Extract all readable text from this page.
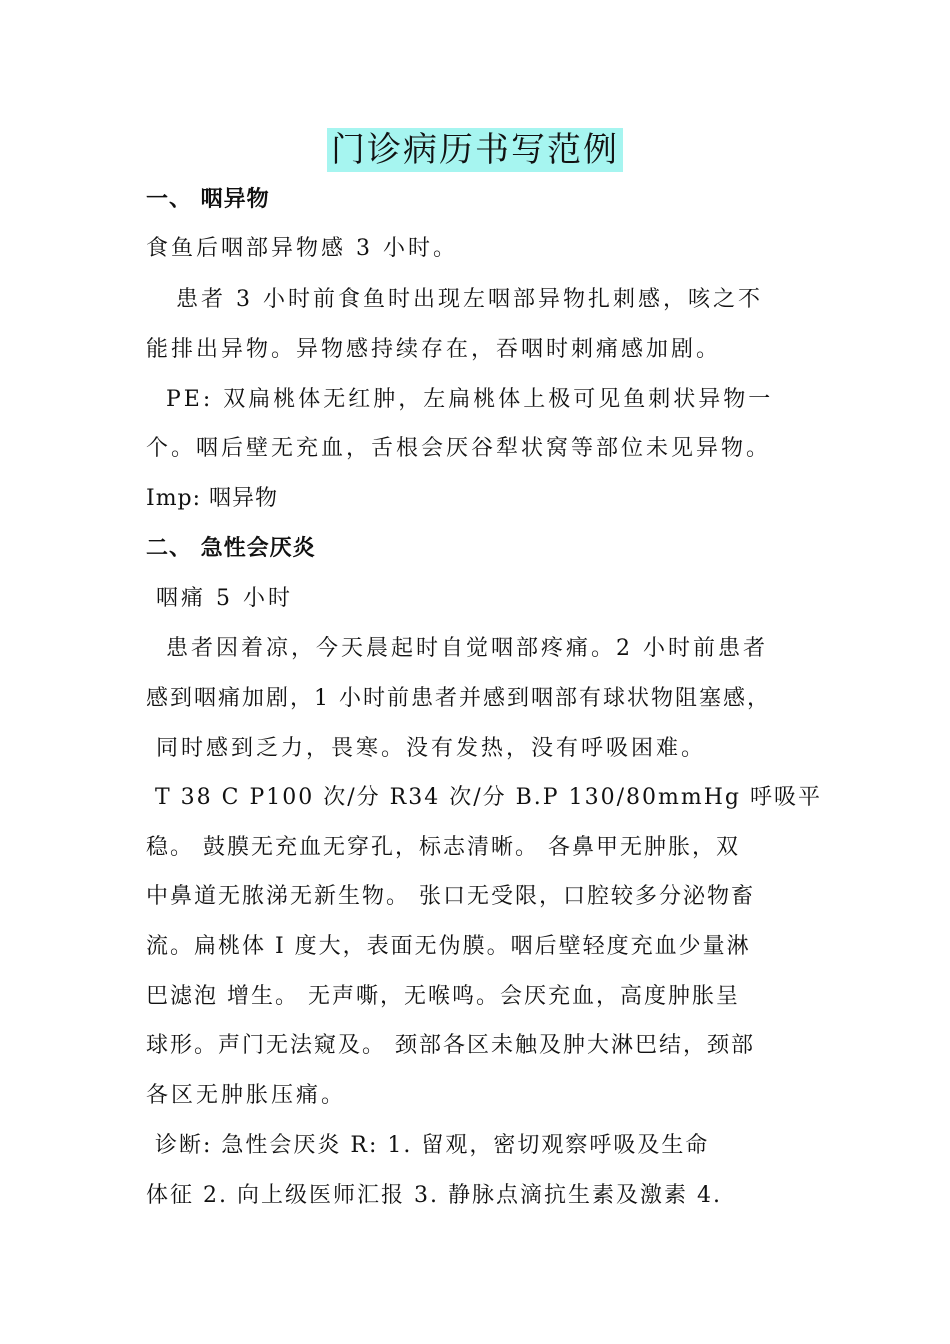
门诊病历书写范例
一、 咽异物
食鱼后咽部异物感 3 小时。
患者 3 小时前食鱼时出现左咽部异物扎刺感，咳之不
能排出异物。异物感持续存在，吞咽时刺痛感加剧。
PE: 双扁桃体无红肿，左扁桃体上极可见鱼刺状异物一
个。咽后壁无充血，舌根会厌谷犁状窝等部位未见异物。
Imp: 咽异物
二、 急性会厌炎
咽痛 5 小时
患者因着凉，今天晨起时自觉咽部疼痛。2 小时前患者
感到咽痛加剧，1 小时前患者并感到咽部有球状物阻塞感，
同时感到乏力，畏寒。没有发热，没有呼吸困难。
T 38 C P100 次/分 R34 次/分 B.P 130/80mmHg 呼吸平
稳。 鼓膜无充血无穿孔，标志清晰。 各鼻甲无肿胀，双
中鼻道无脓涕无新生物。 张口无受限，口腔较多分泌物畜
流。扁桃体 I 度大，表面无伪膜。咽后壁轻度充血少量淋
巴滤泡 增生。 无声嘶，无喉鸣。会厌充血，高度肿胀呈
球形。声门无法窥及。 颈部各区未触及肿大淋巴结，颈部
各区无肿胀压痛。
诊断: 急性会厌炎 R: 1. 留观，密切观察呼吸及生命
体征 2. 向上级医师汇报 3. 静脉点滴抗生素及激素 4.
